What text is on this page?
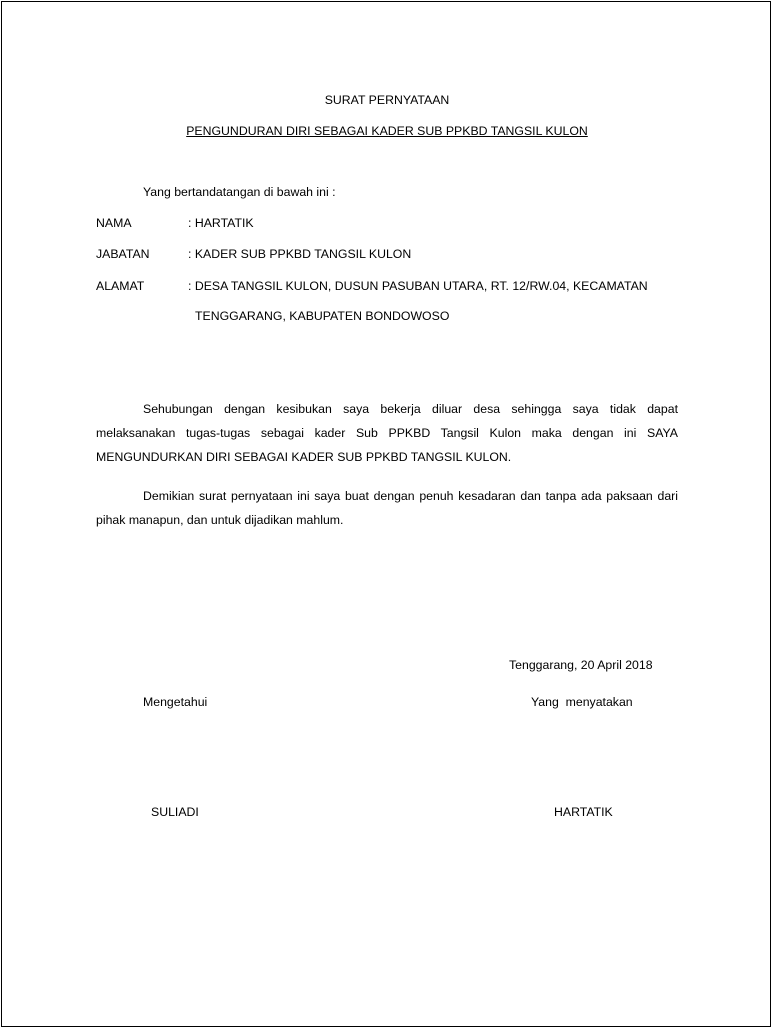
SURAT PERNYATAAN
PENGUNDURAN DIRI SEBAGAI KADER SUB PPKBD TANGSIL KULON
Yang bertandatangan di bawah ini :
NAMA	: HARTATIK
JABATAN	: KADER SUB PPKBD TANGSIL KULON
ALAMAT	: DESA TANGSIL KULON, DUSUN PASUBAN UTARA, RT. 12/RW.04, KECAMATAN
TENGGARANG, KABUPATEN BONDOWOSO
Sehubungan dengan kesibukan saya bekerja diluar desa sehingga saya tidak dapat melaksanakan tugas-tugas sebagai kader Sub PPKBD Tangsil Kulon maka dengan ini SAYA MENGUNDURKAN DIRI SEBAGAI KADER SUB PPKBD TANGSIL KULON.
Demikian surat pernyataan ini saya buat dengan penuh kesadaran dan tanpa ada paksaan dari pihak manapun, dan untuk dijadikan mahlum.
Tenggarang, 20 April 2018
Mengetahui	Yang  menyatakan
SULIADI	HARTATIK
